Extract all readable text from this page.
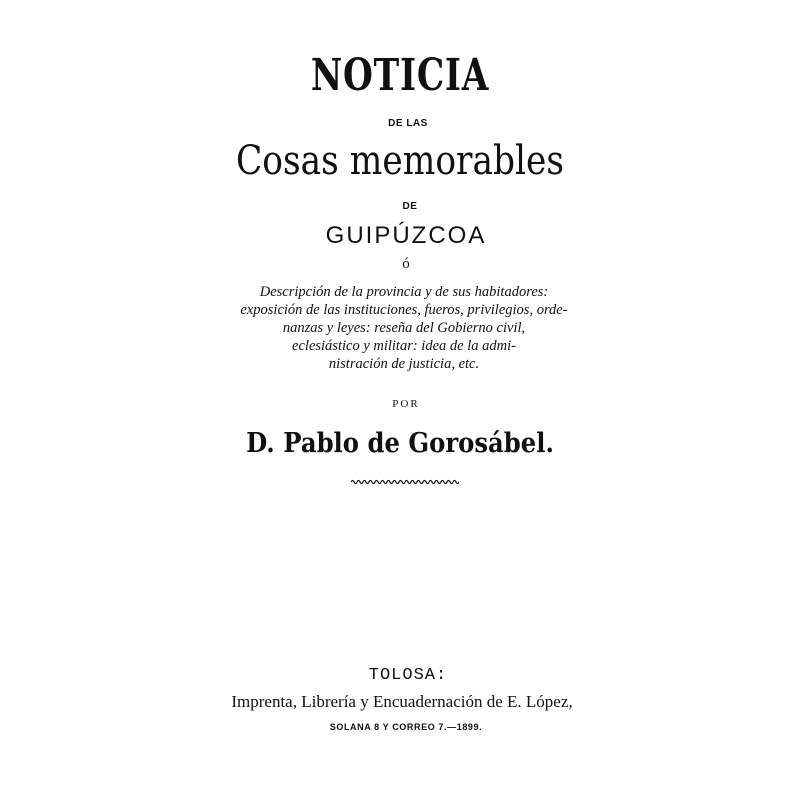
NOTICIA
DE LAS
Cosas memorables
DE
GUIPÚZCOA
ó
Descripción de la provincia y de sus habitadores:
exposición de las instituciones, fueros, privilegios, orde-
nanzas y leyes: reseña del Gobierno civil,
eclesiástico y militar: idea de la admi-
nistración de justicia, etc.
POR
D. Pablo de Gorosábel.
TOLOSA:
Imprenta, Librería y Encuadernación de E. López,
SOLANA 8 Y CORREO 7.—1899.
